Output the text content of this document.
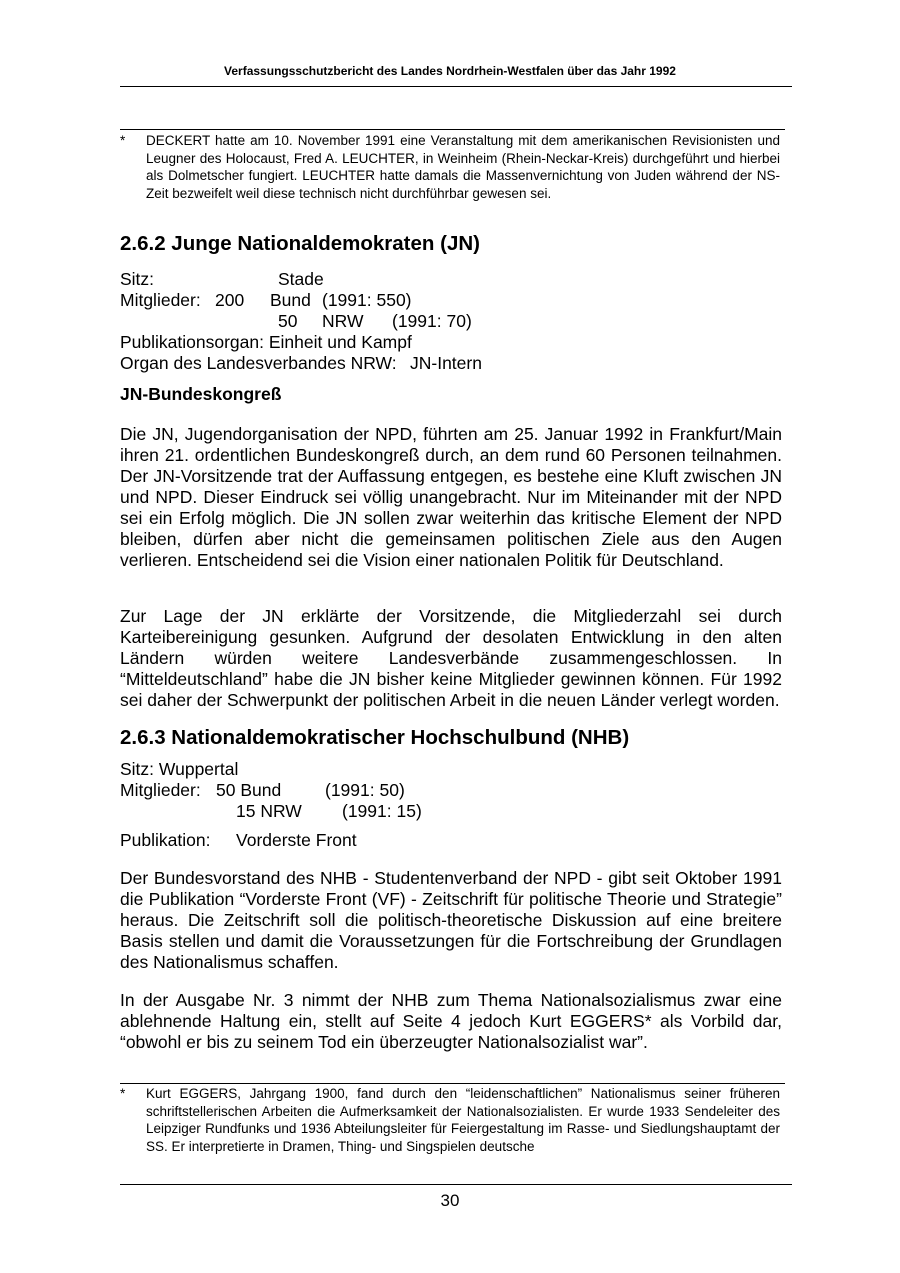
Verfassungsschutzbericht des Landes Nordrhein-Westfalen über das Jahr 1992
* DECKERT hatte am 10. November 1991 eine Veranstaltung mit dem amerikanischen Revisionisten und Leugner des Holocaust, Fred A. LEUCHTER, in Weinheim (Rhein-Neckar-Kreis) durchgeführt und hierbei als Dolmetscher fungiert. LEUCHTER hatte damals die Massenvernichtung von Juden während der NS-Zeit bezweifelt weil diese technisch nicht durchführbar gewesen sei.
2.6.2 Junge Nationaldemokraten (JN)
Sitz:	Stade
Mitglieder: 200 Bund (1991: 550)
50 NRW (1991: 70)
Publikationsorgan: Einheit und Kampf
Organ des Landesverbandes NRW: JN-Intern
JN-Bundeskongreß
Die JN, Jugendorganisation der NPD, führten am 25. Januar 1992 in Frankfurt/Main ihren 21. ordentlichen Bundeskongreß durch, an dem rund 60 Personen teilnahmen. Der JN-Vorsitzende trat der Auffassung entgegen, es bestehe eine Kluft zwischen JN und NPD. Dieser Eindruck sei völlig unangebracht. Nur im Miteinander mit der NPD sei ein Erfolg möglich. Die JN sollen zwar weiterhin das kritische Element der NPD bleiben, dürfen aber nicht die gemeinsamen politischen Ziele aus den Augen verlieren. Entscheidend sei die Vision einer nationalen Politik für Deutschland.
Zur Lage der JN erklärte der Vorsitzende, die Mitgliederzahl sei durch Karteibereinigung gesunken. Aufgrund der desolaten Entwicklung in den alten Ländern würden weitere Landesverbände zusammengeschlossen. In “Mitteldeutschland” habe die JN bisher keine Mitglieder gewinnen können. Für 1992 sei daher der Schwerpunkt der politischen Arbeit in die neuen Länder verlegt worden.
2.6.3 Nationaldemokratischer Hochschulbund (NHB)
Sitz: Wuppertal
Mitglieder: 50 Bund	(1991: 50)
15 NRW (1991: 15)
Publikation: Vorderste Front
Der Bundesvorstand des NHB - Studentenverband der NPD - gibt seit Oktober 1991 die Publikation “Vorderste Front (VF) - Zeitschrift für politische Theorie und Strategie” heraus. Die Zeitschrift soll die politisch-theoretische Diskussion auf eine breitere Basis stellen und damit die Voraussetzungen für die Fortschreibung der Grundlagen des Nationalismus schaffen.
In der Ausgabe Nr. 3 nimmt der NHB zum Thema Nationalsozialismus zwar eine ablehnende Haltung ein, stellt auf Seite 4 jedoch Kurt EGGERS* als Vorbild dar, “obwohl er bis zu seinem Tod ein überzeugter Nationalsozialist war”.
* Kurt EGGERS, Jahrgang 1900, fand durch den “leidenschaftlichen” Nationalismus seiner früheren schriftstellerischen Arbeiten die Aufmerksamkeit der Nationalsozialisten. Er wurde 1933 Sendeleiter des Leipziger Rundfunks und 1936 Abteilungsleiter für Feiergestaltung im Rasse- und Siedlungshauptamt der SS. Er interpretierte in Dramen, Thing- und Singspielen deutsche
30
